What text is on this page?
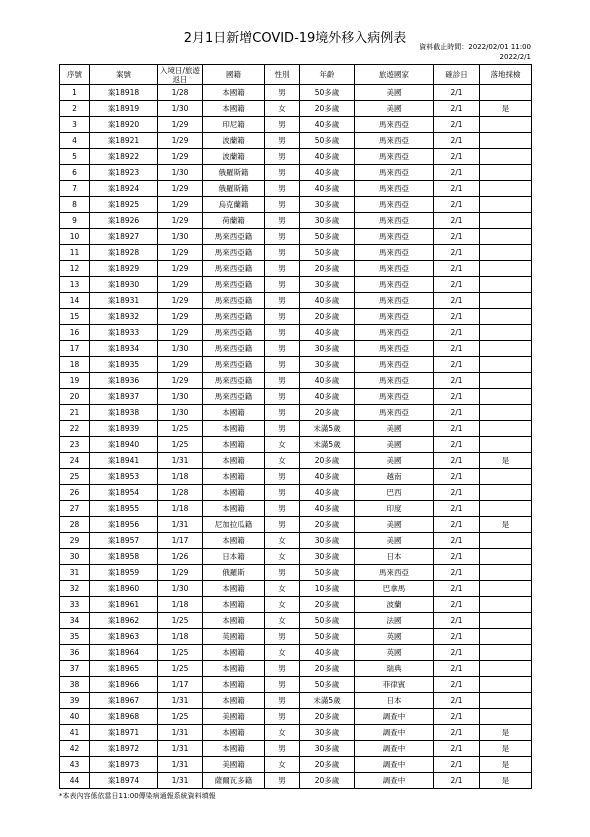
2月1日新增COVID-19境外移入病例表
資料截止時間：2022/02/01 11:00
2022/2/1
序號	案號	入境日/旅遊返日	國籍	性別	年齡	旅遊國家	確診日	落地採檢
1	案18918	1/28	本國籍	男	50多歲	美國	2/1	
2	案18919	1/30	本國籍	女	20多歲	美國	2/1	是
3	案18920	1/29	印尼籍	男	40多歲	馬來西亞	2/1	
4	案18921	1/29	波蘭籍	男	50多歲	馬來西亞	2/1	
5	案18922	1/29	波蘭籍	男	40多歲	馬來西亞	2/1	
6	案18923	1/30	俄羅斯籍	男	40多歲	馬來西亞	2/1	
7	案18924	1/29	俄羅斯籍	男	40多歲	馬來西亞	2/1	
8	案18925	1/29	烏克蘭籍	男	30多歲	馬來西亞	2/1	
9	案18926	1/29	荷蘭籍	男	30多歲	馬來西亞	2/1	
10	案18927	1/30	馬來西亞籍	男	50多歲	馬來西亞	2/1	
11	案18928	1/29	馬來西亞籍	男	50多歲	馬來西亞	2/1	
12	案18929	1/29	馬來西亞籍	男	20多歲	馬來西亞	2/1	
13	案18930	1/29	馬來西亞籍	男	30多歲	馬來西亞	2/1	
14	案18931	1/29	馬來西亞籍	男	40多歲	馬來西亞	2/1	
15	案18932	1/29	馬來西亞籍	男	20多歲	馬來西亞	2/1	
16	案18933	1/29	馬來西亞籍	男	40多歲	馬來西亞	2/1	
17	案18934	1/30	馬來西亞籍	男	30多歲	馬來西亞	2/1	
18	案18935	1/29	馬來西亞籍	男	30多歲	馬來西亞	2/1	
19	案18936	1/29	馬來西亞籍	男	40多歲	馬來西亞	2/1	
20	案18937	1/30	馬來西亞籍	男	40多歲	馬來西亞	2/1	
21	案18938	1/30	本國籍	男	20多歲	馬來西亞	2/1	
22	案18939	1/25	本國籍	男	未滿5歲	美國	2/1	
23	案18940	1/25	本國籍	女	未滿5歲	美國	2/1	
24	案18941	1/31	本國籍	女	20多歲	美國	2/1	是
25	案18953	1/18	本國籍	男	40多歲	越南	2/1	
26	案18954	1/28	本國籍	男	40多歲	巴西	2/1	
27	案18955	1/18	本國籍	男	40多歲	印度	2/1	
28	案18956	1/31	尼加拉瓜籍	男	20多歲	美國	2/1	是
29	案18957	1/17	本國籍	女	30多歲	美國	2/1	
30	案18958	1/26	日本籍	女	30多歲	日本	2/1	
31	案18959	1/29	俄羅斯	男	50多歲	馬來西亞	2/1	
32	案18960	1/30	本國籍	女	10多歲	巴拿馬	2/1	
33	案18961	1/18	本國籍	女	20多歲	波蘭	2/1	
34	案18962	1/25	本國籍	女	50多歲	法國	2/1	
35	案18963	1/18	英國籍	男	50多歲	英國	2/1	
36	案18964	1/25	本國籍	女	40多歲	英國	2/1	
37	案18965	1/25	本國籍	男	20多歲	瑞典	2/1	
38	案18966	1/17	本國籍	男	50多歲	菲律賓	2/1	
39	案18967	1/31	本國籍	男	未滿5歲	日本	2/1	
40	案18968	1/25	美國籍	男	20多歲	調查中	2/1	
41	案18971	1/31	本國籍	女	30多歲	調查中	2/1	是
42	案18972	1/31	本國籍	男	30多歲	調查中	2/1	是
43	案18973	1/31	美國籍	女	20多歲	調查中	2/1	是
44	案18974	1/31	薩爾瓦多籍	男	20多歲	調查中	2/1	是
*本表內容係依當日11:00傳染病通報系統資料填報
